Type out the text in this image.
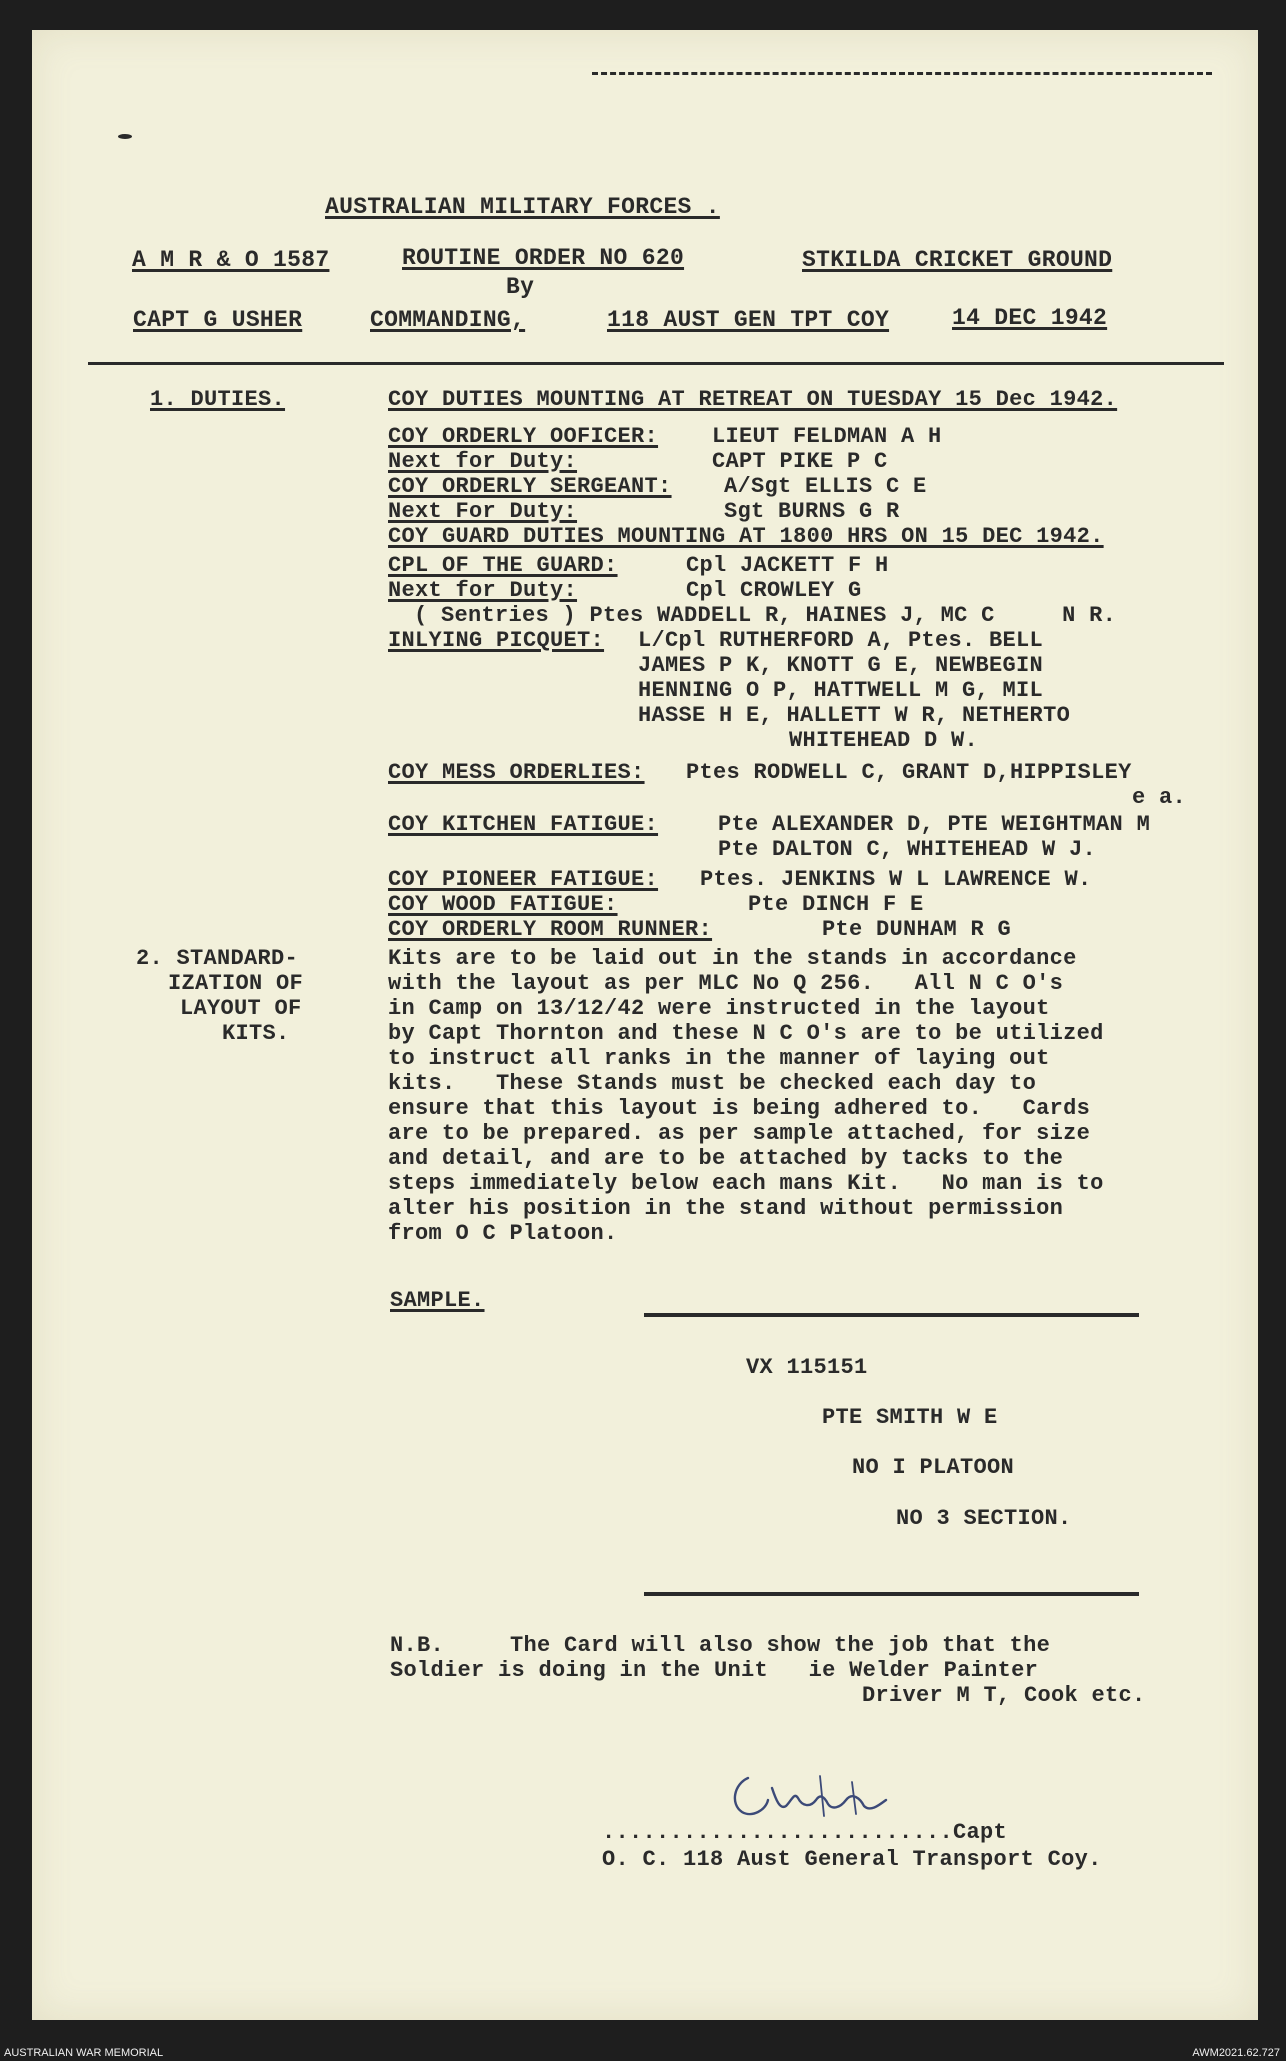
AUSTRALIAN MILITARY FORCES .
A M R & O 1587	ROUTINE ORDER NO 620	STKILDA CRICKET GROUND
By
CAPT G USHER	COMMANDING,	118 AUST GEN TPT COY	14 DEC 1942
1. DUTIES.	COY DUTIES MOUNTING AT RETREAT ON TUESDAY 15 Dec 1942.
COY ORDERLY OOFICER: LIEUT FELDMAN A H
Next for Duty:	CAPT PIKE P C
COY ORDERLY SERGEANT: A/Sgt ELLIS C E
Next For Duty:	Sgt BURNS G R
COY GUARD DUTIES MOUNTING AT 1800 HRS ON 15 DEC 1942.
CPL OF THE GUARD:	Cpl JACKETT F H
Next for Duty:	Cpl CROWLEY G
( Sentries ) Ptes WADDELL R, HAINES J, MC C     N R.
INLYING PICQUET: L/Cpl RUTHERFORD A, Ptes. BELL
JAMES P K, KNOTT G E, NEWBEGIN
HENNING O P, HATTWELL M G, MIL
HASSE H E, HALLETT W R, NETHERTO
WHITEHEAD D W.
COY MESS ORDERLIES: Ptes RODWELL C, GRANT D,HIPPISLEY
e a.
COY KITCHEN FATIGUE:	Pte ALEXANDER D, PTE WEIGHTMAN M
Pte DALTON C, WHITEHEAD W J.
COY PIONEER FATIGUE: Ptes. JENKINS W L LAWRENCE W.
COY WOOD FATIGUE:	Pte DINCH F E
COY ORDERLY ROOM RUNNER:	Pte DUNHAM R G
2. STANDARD-
IZATION OF
LAYOUT OF
KITS.
Kits are to be laid out in the stands in accordance
with the layout as per MLC No Q 256.   All N C O's
in Camp on 13/12/42 were instructed in the layout
by Capt Thornton and these N C O's are to be utilized
to instruct all ranks in the manner of laying out
kits.   These Stands must be checked each day to
ensure that this layout is being adhered to.   Cards
are to be prepared. as per sample attached, for size
and detail, and are to be attached by tacks to the
steps immediately below each mans Kit.   No man is to
alter his position in the stand without permission
from O C Platoon.
SAMPLE.
VX 115151
PTE SMITH W E
NO I PLATOON
NO 3 SECTION.
N.B.	The Card will also show the job that the
Soldier is doing in the Unit   ie Welder Painter
Driver M T, Cook etc.
..........................Capt
O. C. 118 Aust General Transport Coy.
AUSTRALIAN WAR MEMORIAL	AWM2021.62.727
